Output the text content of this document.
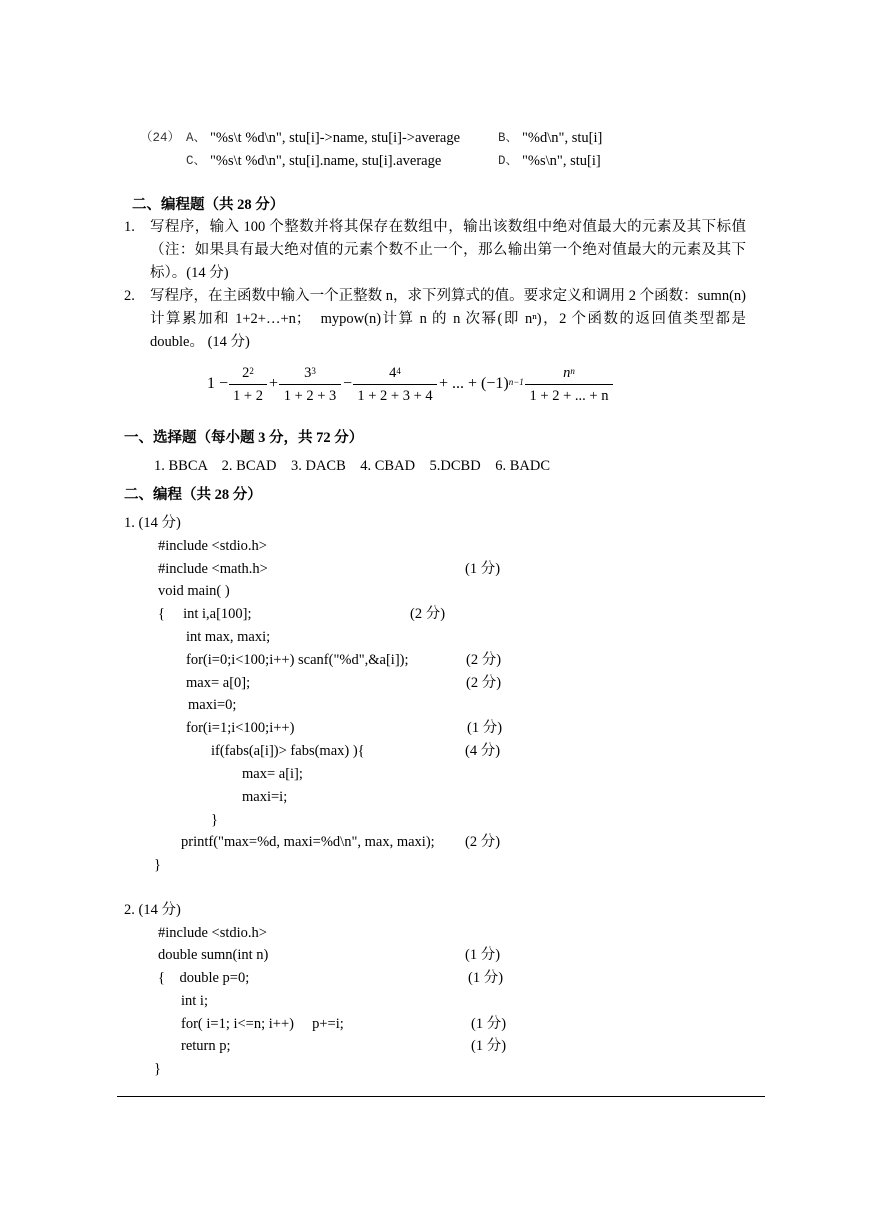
（24） A、 "%s\t %d\n", stu[i]->name, stu[i]->average	B、 "%d\n", stu[i]
C、 "%s\t %d\n", stu[i].name, stu[i].average	D、 "%s\n", stu[i]
二、编程题（共 28 分）
1. 写程序，输入 100 个整数并将其保存在数组中，输出该数组中绝对值最大的元素及其下标值（注：如果具有最大绝对值的元素个数不止一个，那么输出第一个绝对值最大的元素及其下标）。(14 分)
2. 写程序，在主函数中输入一个正整数 n，求下列算式的值。要求定义和调用 2 个函数：sumn(n)计算累加和 1+2+…+n；　mypow(n)计算 n 的 n 次幂(即 nⁿ)，2 个函数的返回值类型都是 double。 (14 分)
$1 - \frac{2^2}{1 + 2} + \frac{3^3}{1 + 2 + 3} - \frac{4^4}{1 + 2 + 3 + 4}$ + ... + $(-1)^{n-1} \frac{n^n}{1 + 2 + ... + n}$
一、选择题（每小题 3 分，共 72 分）
1. BBCA    2. BCAD    3. DACB    4. CBAD    5.DCBD    6. BADC
二、编程（共 28 分）
1. (14 分)
#include <stdio.h>
#include <math.h>	(1 分)
void main( )
{     int i,a[100];	(2 分)
int max, maxi;
for(i=0;i<100;i++) scanf("%d",&a[i]);	(2 分)
max= a[0];	(2 分)
maxi=0;
for(i=1;i<100;i++)	(1 分)
if(fabs(a[i])> fabs(max) ){	(4 分)
max= a[i];
maxi=i;
}
printf("max=%d, maxi=%d\n", max, maxi); (2 分)
}
2. (14 分)
#include <stdio.h>
double sumn(int n)	(1 分)
{    double p=0;	(1 分)
int i;
for( i=1; i<=n; i++)     p+=i;	(1 分)
return p;	(1 分)
}
